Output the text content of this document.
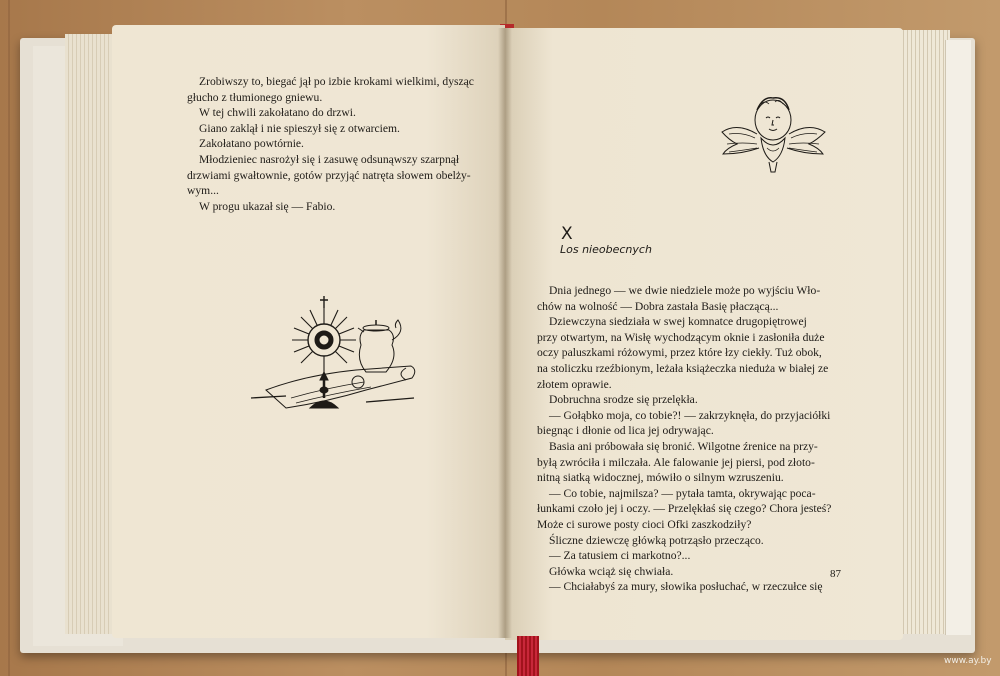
Zrobiwszy to, biegać jął po izbie krokami wielkimi, dysząc
głucho z tłumionego gniewu.
W tej chwili zakołatano do drzwi.
Giano zaklął i nie spieszył się z otwarciem.
Zakołatano powtórnie.
Młodzieniec nasrożył się i zasuwę odsunąwszy szarpnął
drzwiami gwałtownie, gotów przyjąć natręta słowem obelży-
wym...
W progu ukazał się — Fabio.
X
Los nieobecnych
Dnia jednego — we dwie niedziele może po wyjściu Wło-
chów na wolność — Dobra zastała Basię płaczącą...
Dziewczyna siedziała w swej komnatce drugopiętrowej
przy otwartym, na Wisłę wychodzącym oknie i zasłoniła duże
oczy paluszkami różowymi, przez które łzy ciekły. Tuż obok,
na stoliczku rzeźbionym, leżała książeczka nieduża w białej ze
złotem oprawie.
Dobruchna srodze się przelękła.
— Gołąbko moja, co tobie?! — zakrzyknęła, do przyjaciółki
biegnąc i dłonie od lica jej odrywając.
Basia ani próbowała się bronić. Wilgotne źrenice na przy-
byłą zwróciła i milczała. Ale falowanie jej piersi, pod złoto-
nitną siatką widocznej, mówiło o silnym wzruszeniu.
— Co tobie, najmilsza? — pytała tamta, okrywając poca-
łunkami czoło jej i oczy. — Przelękłaś się czego? Chora jesteś?
Może ci surowe posty cioci Ofki zaszkodziły?
Śliczne dziewczę główką potrząsło przecząco.
— Za tatusiem ci markotno?...
Główka wciąż się chwiała.
— Chciałabyś za mury, słowika posłuchać, w rzeczułce się
87
www.ay.by
